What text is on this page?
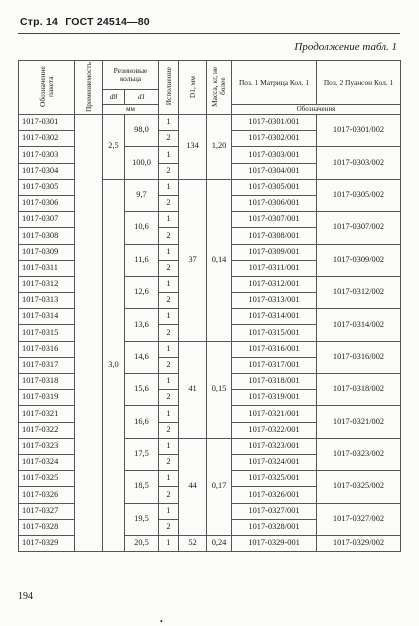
Стр. 14 ГОСТ 24514—80
Продолжение табл. 1
Обозначение пакета	Применяемость	Резиновые кольца		Исполнение	D1, мм	Масса, кг, не более	Поз. 1 Матрица Кол. 1	Поз. 2 Пуансон Кол. 1
		d8	d1					
		мм					Обозначения	
1017-0301		2,5	98,0	1	134	1,20	1017-0301/001	1017-0301/002
1017-0302				2			1017-0302/001	
1017-0303			100,0	1			1017-0303/001	1017-0303/002
1017-0304				2			1017-0304/001	
1017-0305		3,0	9,7	1	37	0,14	1017-0305/001	1017-0305/002
1017-0306				2			1017-0306/001	
1017-0307			10,6	1			1017-0307/001	1017-0307/002
1017-0308				2			1017-0308/001	
1017-0309			11,6	1			1017-0309/001	1017-0309/002
1017-0311				2			1017-0311/001	
1017-0312			12,6	1			1017-0312/001	1017-0312/002
1017-0313				2			1017-0313/001	
1017-0314			13,6	1			1017-0314/001	1017-0314/002
1017-0315				2			1017-0315/001	
1017-0316			14,6	1	41	0,15	1017-0316/001	1017-0316/002
1017-0317				2			1017-0317/001	
1017-0318			15,6	1			1017-0318/001	1017-0318/002
1017-0319				2			1017-0319/001	
1017-0321			16,6	1			1017-0321/001	1017-0321/002
1017-0322				2			1017-0322/001	
1017-0323			17,5	1	44	0,17	1017-0323/001	1017-0323/002
1017-0324				2			1017-0324/001	
1017-0325			18,5	1			1017-0325/001	1017-0325/002
1017-0326				2			1017-0326/001	
1017-0327			19,5	1			1017-0327/001	1017-0327/002
1017-0328				2			1017-0328/001	
1017-0329			20,5	1	52	0,24	1017-0329-001	1017-0329/002
194
•
